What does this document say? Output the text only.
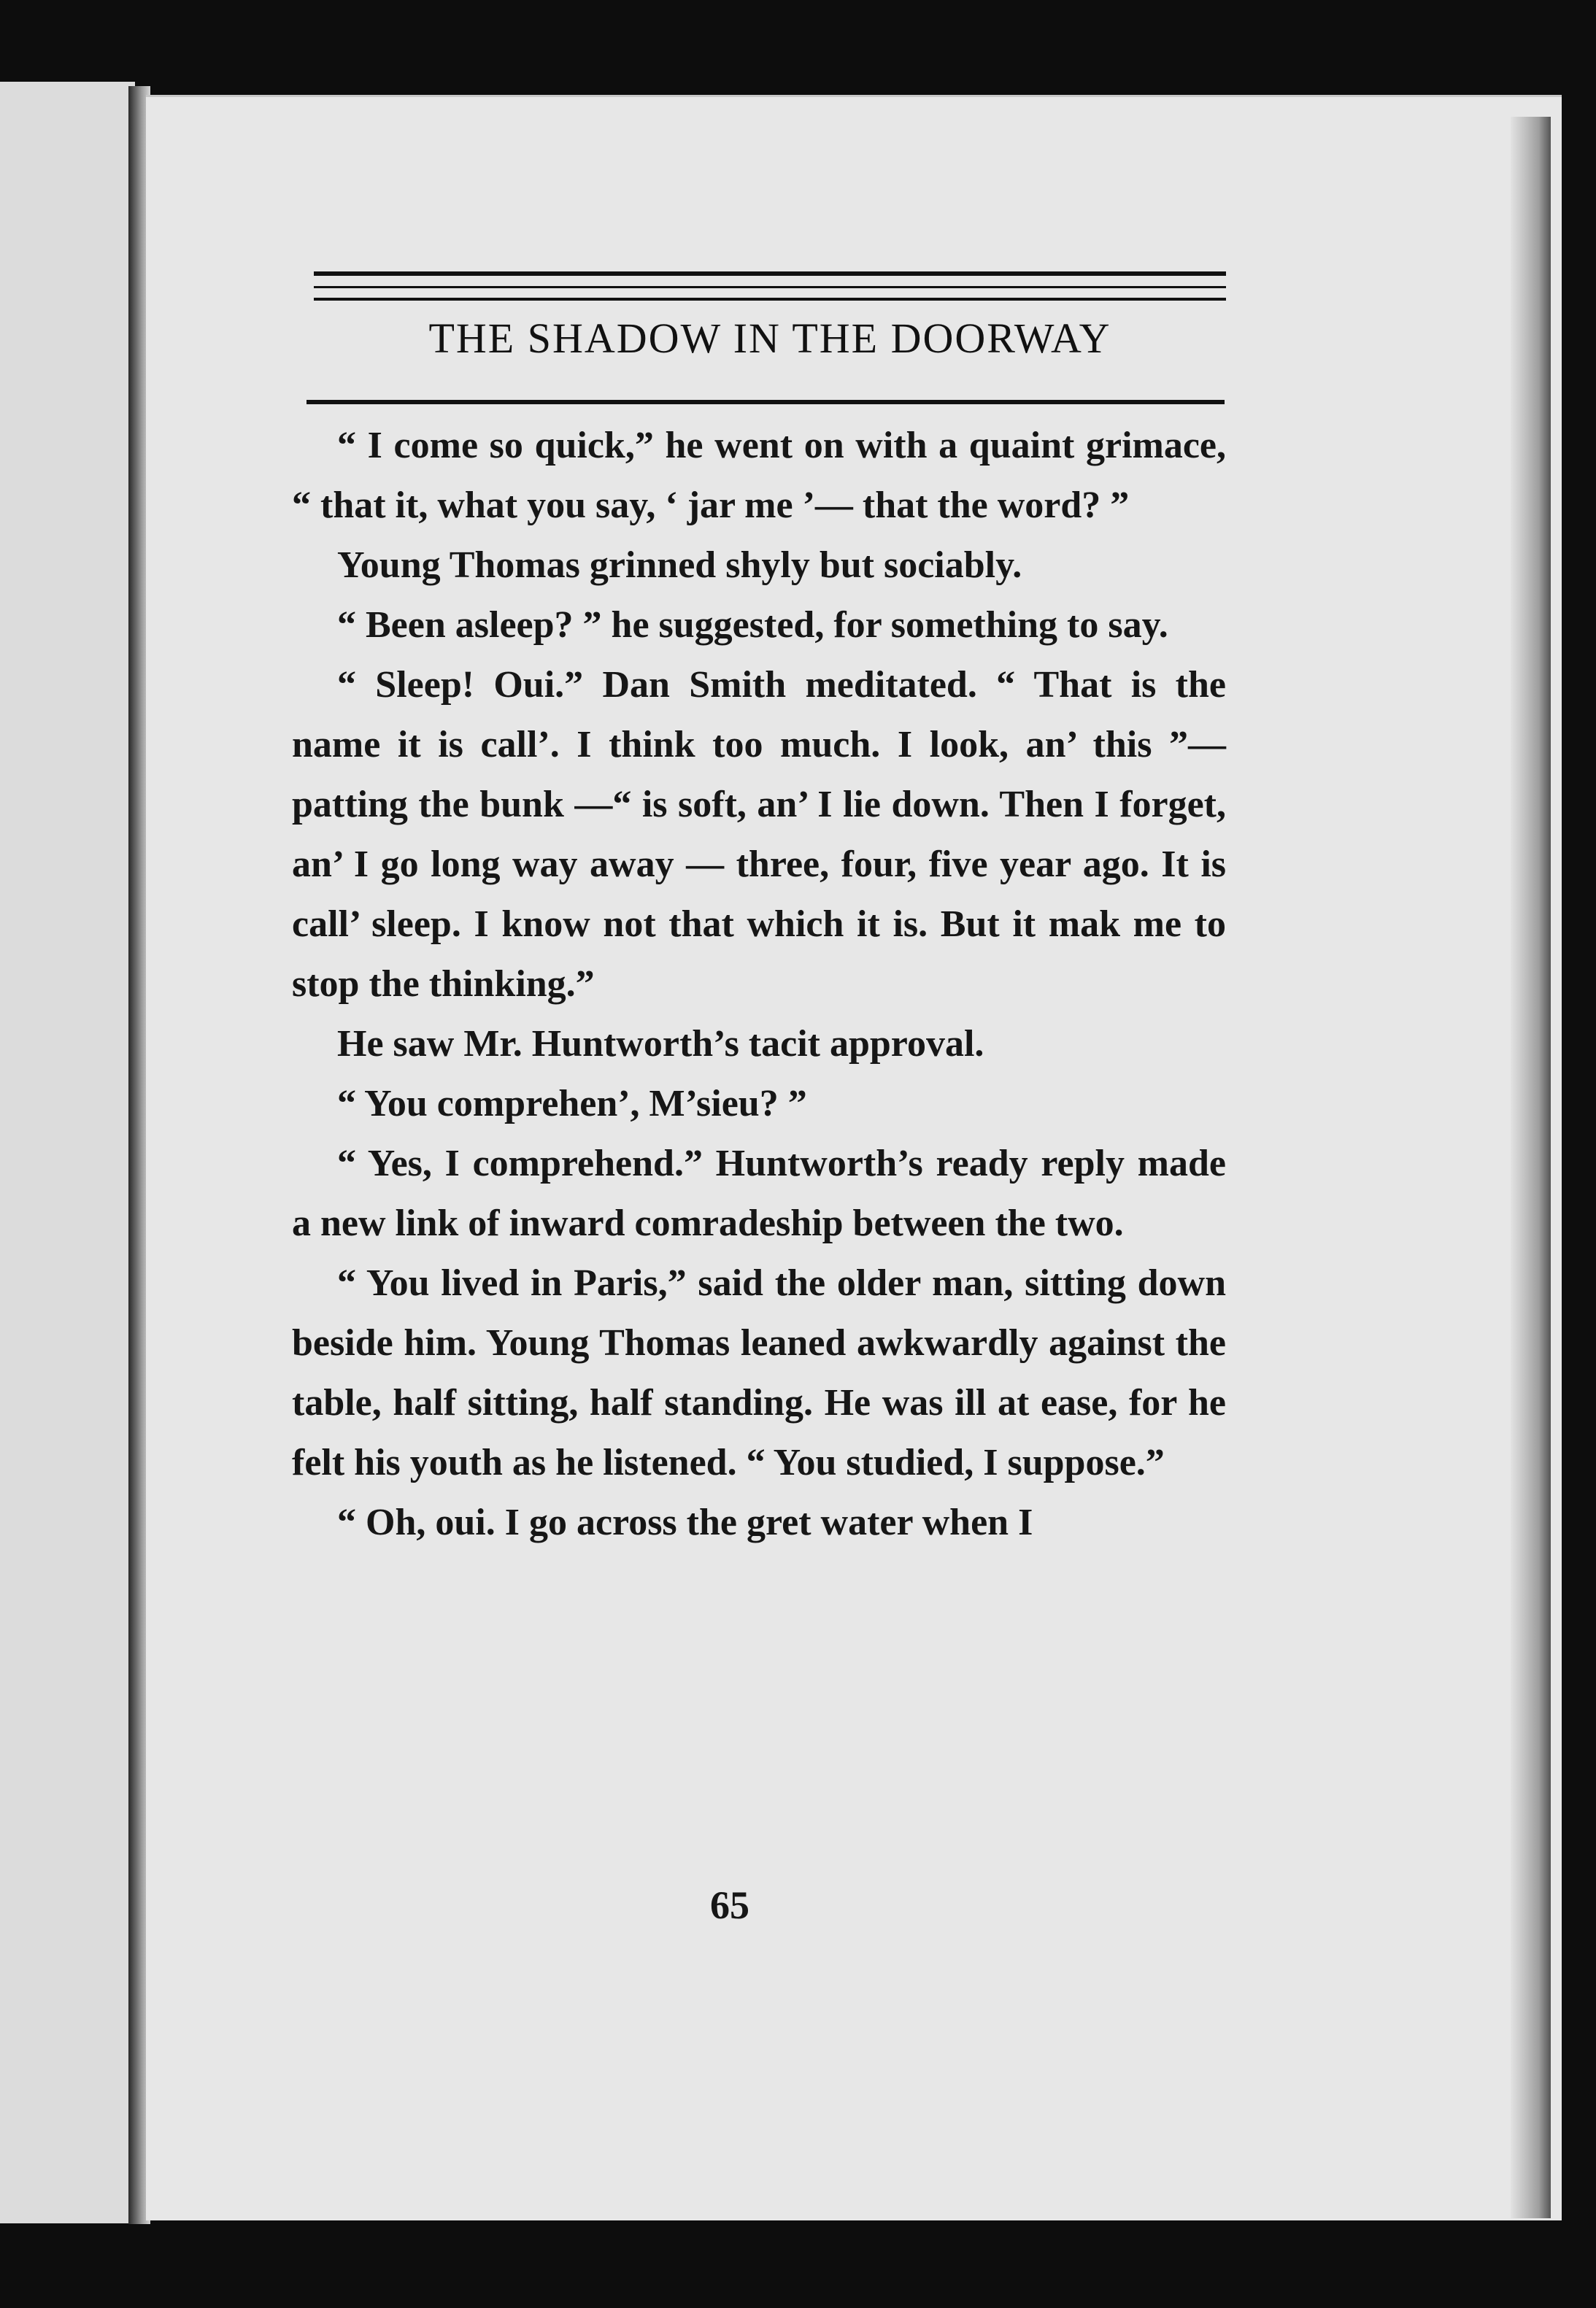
THE SHADOW IN THE DOORWAY

“ I come so quick,” he went on with a quaint grimace, “ that it, what you say, ‘ jar me ’— that the word? ”

Young Thomas grinned shyly but sociably.

“ Been asleep? ” he suggested, for something to say.

“ Sleep! Oui.” Dan Smith meditated. “ That is the name it is call’. I think too much. I look, an’ this ”— patting the bunk —“ is soft, an’ I lie down. Then I forget, an’ I go long way away — three, four, five year ago. It is call’ sleep. I know not that which it is. But it mak me to stop the thinking.”

He saw Mr. Huntworth’s tacit approval.

“ You comprehen’, M’sieu? ”

“ Yes, I comprehend.” Huntworth’s ready reply made a new link of inward comradeship between the two.

“ You lived in Paris,” said the older man, sitting down beside him. Young Thomas leaned awkwardly against the table, half sitting, half standing. He was ill at ease, for he felt his youth as he listened. “ You studied, I suppose.”

“ Oh, oui. I go across the gret water when I

65
